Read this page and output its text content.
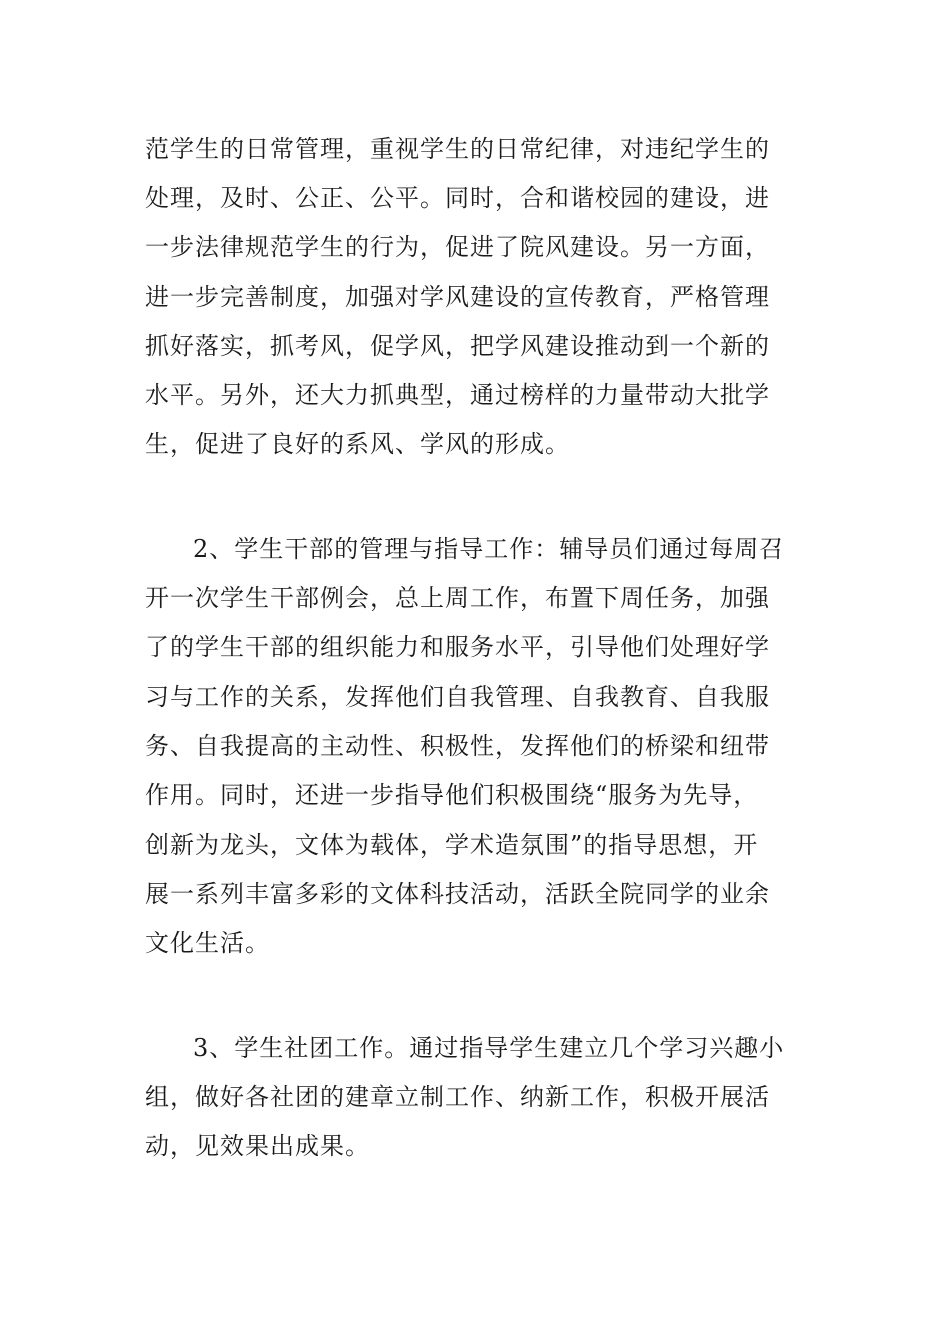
范学生的日常管理，重视学生的日常纪律，对违纪学生的
处理，及时、公正、公平。同时，合和谐校园的建设，进
一步法律规范学生的行为，促进了院风建设。另一方面，
进一步完善制度，加强对学风建设的宣传教育，严格管理
抓好落实，抓考风，促学风，把学风建设推动到一个新的
水平。另外，还大力抓典型，通过榜样的力量带动大批学
生，促进了良好的系风、学风的形成。
2、学生干部的管理与指导工作：辅导员们通过每周召
开一次学生干部例会，总上周工作，布置下周任务，加强
了的学生干部的组织能力和服务水平，引导他们处理好学
习与工作的关系，发挥他们自我管理、自我教育、自我服
务、自我提高的主动性、积极性，发挥他们的桥梁和纽带
作用。同时，还进一步指导他们积极围绕“服务为先导，
创新为龙头，文体为载体，学术造氛围”的指导思想，开
展一系列丰富多彩的文体科技活动，活跃全院同学的业余
文化生活。
3、学生社团工作。通过指导学生建立几个学习兴趣小
组，做好各社团的建章立制工作、纳新工作，积极开展活
动，见效果出成果。
